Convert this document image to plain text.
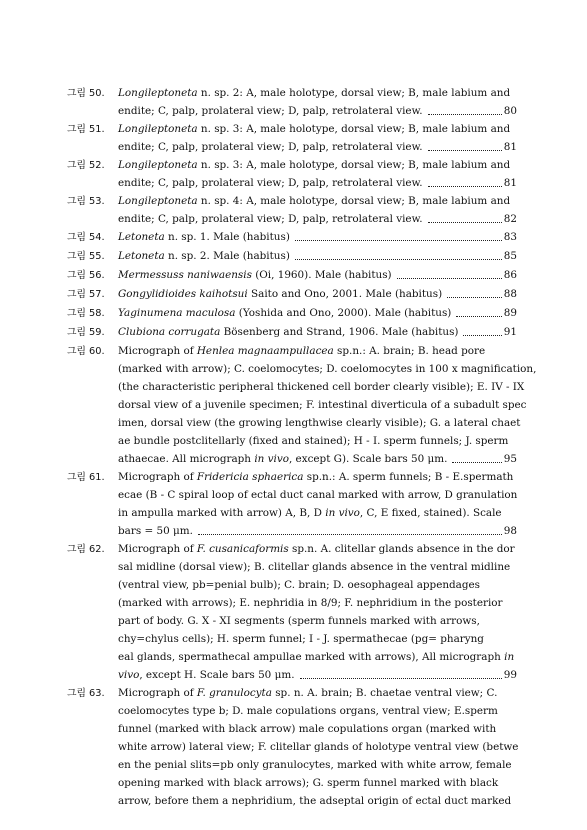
그림 50.	Longileptoneta n. sp. 2: A, male holotype, dorsal view; B, male labium and
endite; C, palp, prolateral view; D, palp, retrolateral view.	80
그림 51.	Longileptoneta n. sp. 3: A, male holotype, dorsal view; B, male labium and
endite; C, palp, prolateral view; D, palp, retrolateral view.	81
그림 52.	Longileptoneta n. sp. 3: A, male holotype, dorsal view; B, male labium and
endite; C, palp, prolateral view; D, palp, retrolateral view.	81
그림 53.	Longileptoneta n. sp. 4: A, male holotype, dorsal view; B, male labium and
endite; C, palp, prolateral view; D, palp, retrolateral view.	82
그림 54.	Letoneta n. sp. 1. Male (habitus)	83
그림 55.	Letoneta n. sp. 2. Male (habitus)	85
그림 56.	Mermessuss naniwaensis (Oi, 1960). Male (habitus)	86
그림 57.	Gongylidioides kaihotsui Saito and Ono, 2001. Male (habitus)	88
그림 58.	Yaginumena maculosa (Yoshida and Ono, 2000). Male (habitus)	89
그림 59.	Clubiona corrugata Bösenberg and Strand, 1906. Male (habitus)	91
그림 60.	Micrograph of Henlea magnaampullacea sp.n.: A. brain; B. head pore
(marked with arrow); C. coelomocytes; D. coelomocytes in 100 x magnification,
(the characteristic peripheral thickened cell border clearly visible); E. IV - IX
dorsal view of a juvenile specimen; F. intestinal diverticula of a subadult spec
imen, dorsal view (the growing lengthwise clearly visible); G. a lateral chaet
ae bundle postclitellarly (fixed and stained); H - I. sperm funnels; J. sperm
athaecae. All micrograph in vivo , except G). Scale bars 50 μm.	95
그림 61.	Micrograph of Fridericia sphaerica sp.n.: A. sperm funnels; B - E.spermath
ecae (B - C spiral loop of ectal duct canal marked with arrow, D granulation
in ampulla marked with arrow) A, B, D in vivo , C, E fixed, stained). Scale
bars = 50 μm.	98
그림 62.	Micrograph of F. cusanicaformis sp.n. A. clitellar glands absence in the dor
sal midline (dorsal view); B. clitellar glands absence in the ventral midline
(ventral view, pb=penial bulb); C. brain; D. oesophageal appendages
(marked with arrows); E. nephridia in 8/9; F. nephridium in the posterior
part of body. G. X - XI segments (sperm funnels marked with arrows,
chy=chylus cells); H. sperm funnel; I - J. spermathecae (pg= pharyng
eal glands, spermathecal ampullae marked with arrows), All micrograph in
vivo , except H. Scale bars 50 μm.	99
그림 63.	Micrograph of F. granulocyta sp. n. A. brain; B. chaetae ventral view; C.
coelomocytes type b; D. male copulations organs, ventral view; E.sperm
funnel (marked with black arrow) male copulations organ (marked with
white arrow) lateral view; F. clitellar glands of holotype ventral view (betwe
en the penial slits=pb only granulocytes, marked with white arrow, female
opening marked with black arrows); G. sperm funnel marked with black
arrow, before them a nephridium, the adseptal origin of ectal duct marked
